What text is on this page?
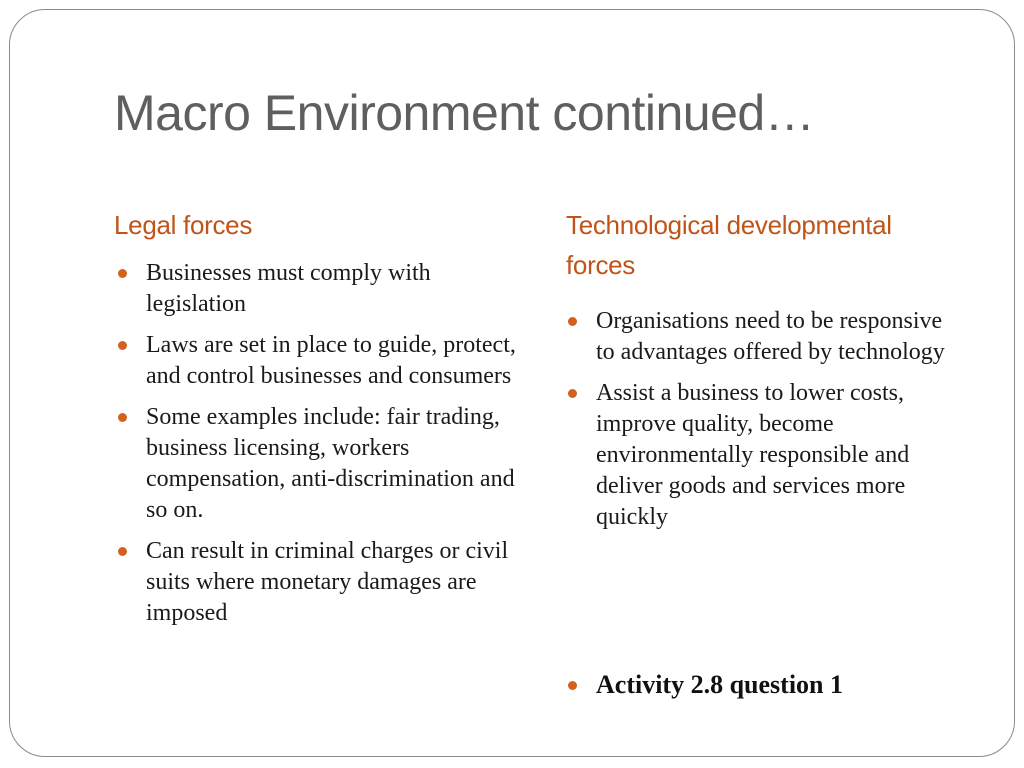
Macro Environment continued…
Legal forces
Businesses must comply with legislation
Laws are set in place to guide, protect, and control businesses and consumers
Some examples include: fair trading, business licensing, workers compensation, anti-discrimination and so on.
Can result in criminal charges or civil suits where monetary damages are imposed
Technological developmental forces
Organisations need to be responsive to advantages offered by technology
Assist a business to lower costs, improve quality, become environmentally responsible and deliver goods and services more quickly
Activity 2.8 question 1
